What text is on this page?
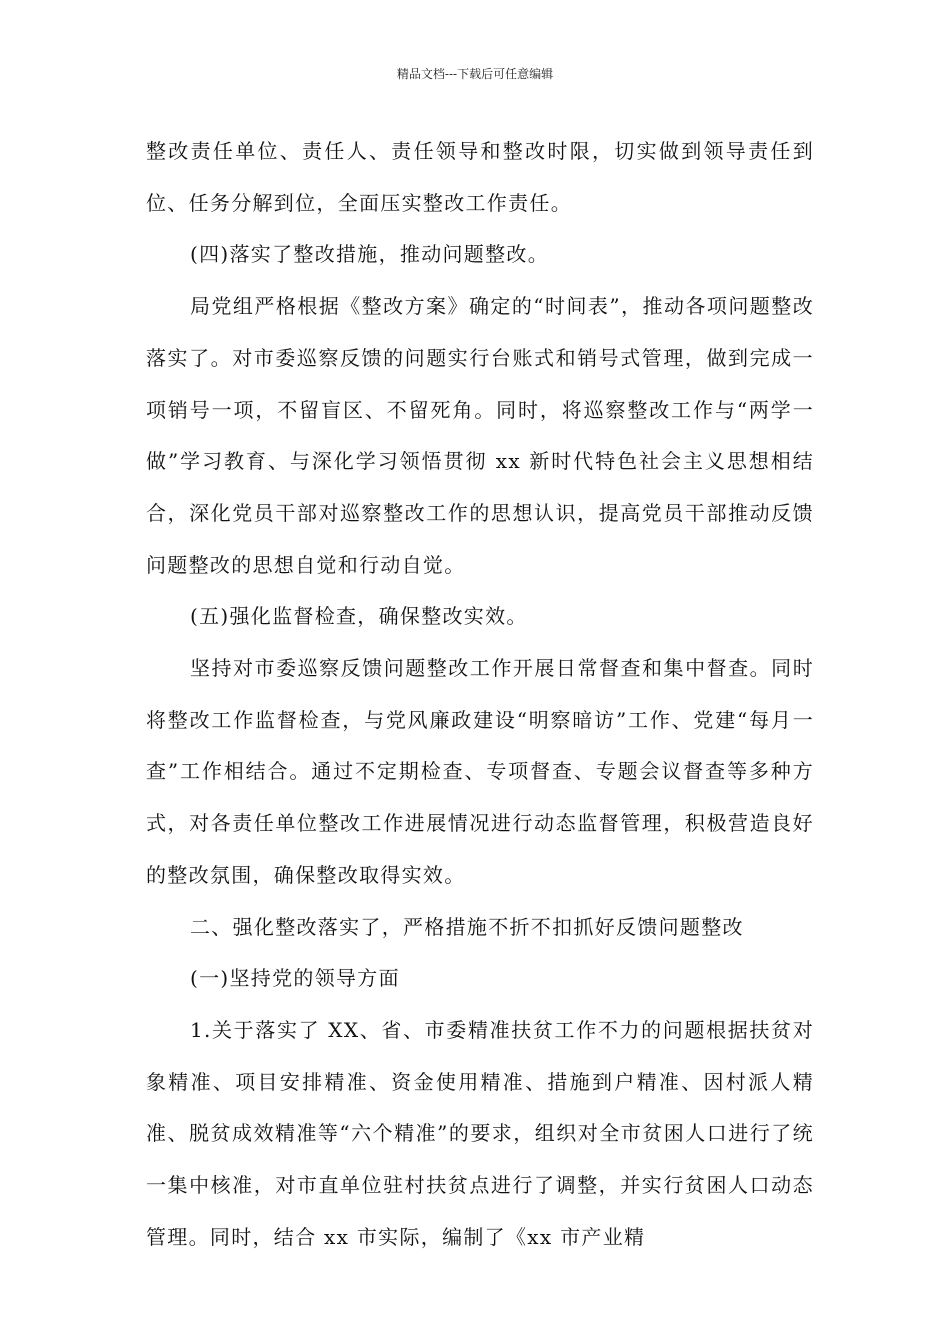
精品文档---下载后可任意编辑

整改责任单位、责任人、责任领导和整改时限，切实做到领导责任到位、任务分解到位，全面压实整改工作责任。

(四)落实了整改措施，推动问题整改。

局党组严格根据《整改方案》确定的“时间表”，推动各项问题整改落实了。对市委巡察反馈的问题实行台账式和销号式管理，做到完成一项销号一项，不留盲区、不留死角。同时，将巡察整改工作与“两学一做”学习教育、与深化学习领悟贯彻 xx 新时代特色社会主义思想相结合，深化党员干部对巡察整改工作的思想认识，提高党员干部推动反馈问题整改的思想自觉和行动自觉。

(五)强化监督检查，确保整改实效。

坚持对市委巡察反馈问题整改工作开展日常督查和集中督查。同时将整改工作监督检查，与党风廉政建设“明察暗访”工作、党建“每月一查”工作相结合。通过不定期检查、专项督查、专题会议督查等多种方式，对各责任单位整改工作进展情况进行动态监督管理，积极营造良好的整改氛围，确保整改取得实效。

二、强化整改落实了，严格措施不折不扣抓好反馈问题整改

(一)坚持党的领导方面

1.关于落实了 XX、省、市委精准扶贫工作不力的问题根据扶贫对象精准、项目安排精准、资金使用精准、措施到户精准、因村派人精准、脱贫成效精准等“六个精准”的要求，组织对全市贫困人口进行了统一集中核准，对市直单位驻村扶贫点进行了调整，并实行贫困人口动态管理。同时，结合 xx 市实际，编制了《xx 市产业精
